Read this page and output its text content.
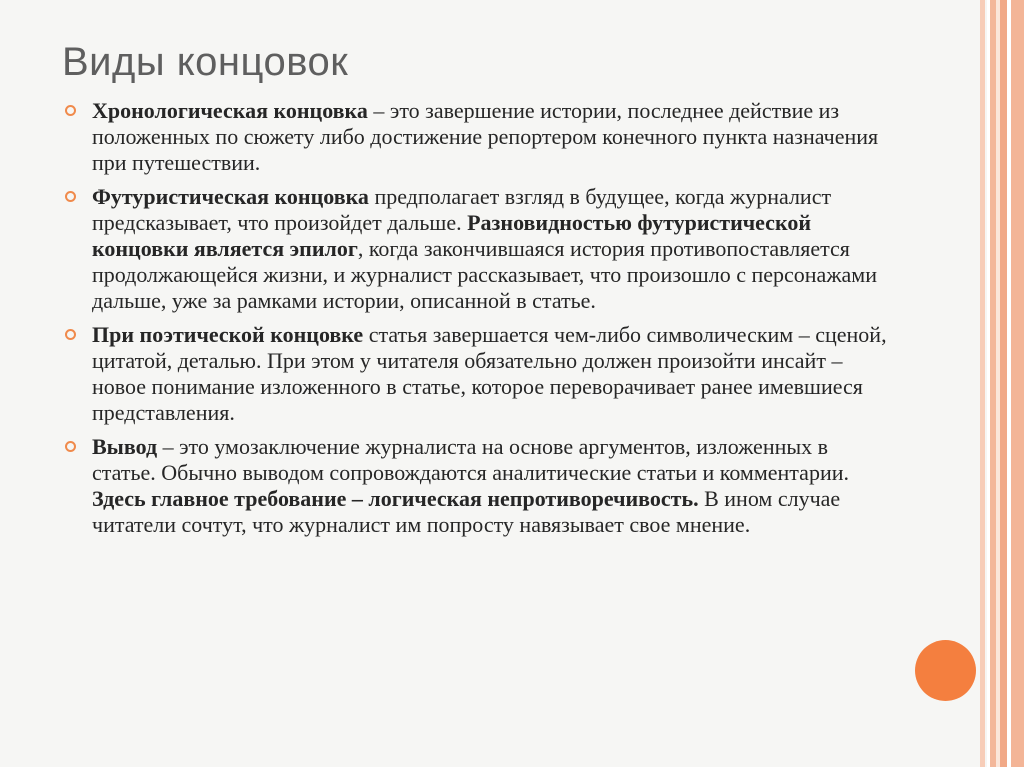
Виды концовок
Хронологическая концовка – это завершение истории, последнее действие из положенных по сюжету либо достижение репортером конечного пункта назначения при путешествии.
Футуристическая концовка предполагает взгляд в будущее, когда журналист предсказывает, что произойдет дальше. Разновидностью футуристической концовки является эпилог, когда закончившаяся история противопоставляется продолжающейся жизни, и журналист рассказывает, что произошло с персонажами дальше, уже за рамками истории, описанной в статье.
При поэтической концовке статья завершается чем-либо символическим – сценой, цитатой, деталью. При этом у читателя обязательно должен произойти инсайт – новое понимание изложенного в статье, которое переворачивает ранее имевшиеся представления.
Вывод – это умозаключение журналиста на основе аргументов, изложенных в статье. Обычно выводом сопровождаются аналитические статьи и комментарии. Здесь главное требование – логическая непротиворечивость. В ином случае читатели сочтут, что журналист им попросту навязывает свое мнение.
